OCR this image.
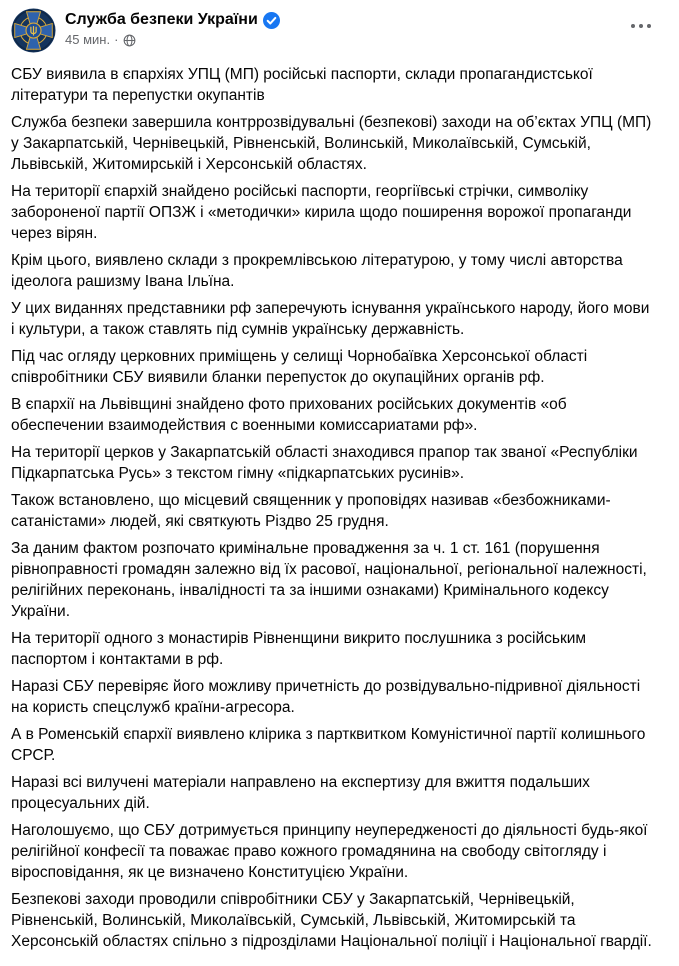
Служба безпеки України
45 мин. ·

СБУ виявила в єпархіях УПЦ (МП) російські паспорти, склади пропагандистської літератури та перепустки окупантів

Служба безпеки завершила контррозвідувальні (безпекові) заходи на об’єктах УПЦ (МП) у Закарпатській, Чернівецькій, Рівненській, Волинській, Миколаївській, Сумській, Львівській, Житомирській і Херсонській областях.

На території єпархій знайдено російські паспорти, георгіївські стрічки, символіку забороненої партії ОПЗЖ і «методички» кирила щодо поширення ворожої пропаганди через вірян.

Крім цього, виявлено склади з прокремлівською літературою, у тому числі авторства ідеолога рашизму Івана Ільїна.

У цих виданнях представники рф заперечують існування українського народу, його мови і культури, а також ставлять під сумнів українську державність.

Під час огляду церковних приміщень у селищі Чорнобаївка Херсонської області співробітники СБУ виявили бланки перепусток до окупаційних органів рф.

В єпархії на Львівщині знайдено фото прихованих російських документів «об обеспечении взаимодействия с военными комиссариатами рф».

На території церков у Закарпатській області знаходився прапор так званої «Республіки Підкарпатська Русь» з текстом гімну «підкарпатських русинів».

Також встановлено, що місцевий священник у проповідях називав «безбожниками-сатаністами» людей, які святкують Різдво 25 грудня.

За даним фактом розпочато кримінальне провадження за ч. 1 ст. 161 (порушення рівноправності громадян залежно від їх расової, національної, регіональної належності, релігійних переконань, інвалідності та за іншими ознаками) Кримінального кодексу України.

На території одного з монастирів Рівненщини викрито послушника з російським паспортом і контактами в рф.

Наразі СБУ перевіряє його можливу причетність до розвідувально-підривної діяльності на користь спецслужб країни-агресора.

А в Роменській єпархії виявлено клірика з партквитком Комуністичної партії колишнього СРСР.

Наразі всі вилучені матеріали направлено на експертизу для вжиття подальших процесуальних дій.

Наголошуємо, що СБУ дотримується принципу неупередженості до діяльності будь-якої релігійної конфесії та поважає право кожного громадянина на свободу світогляду і віросповідання, як це визначено Конституцією України.

Безпекові заходи проводили співробітники СБУ у Закарпатській, Чернівецькій, Рівненській, Волинській, Миколаївській, Сумській, Львівській, Житомирській та Херсонській областях спільно з підрозділами Національної поліції і Національної гвардії.
